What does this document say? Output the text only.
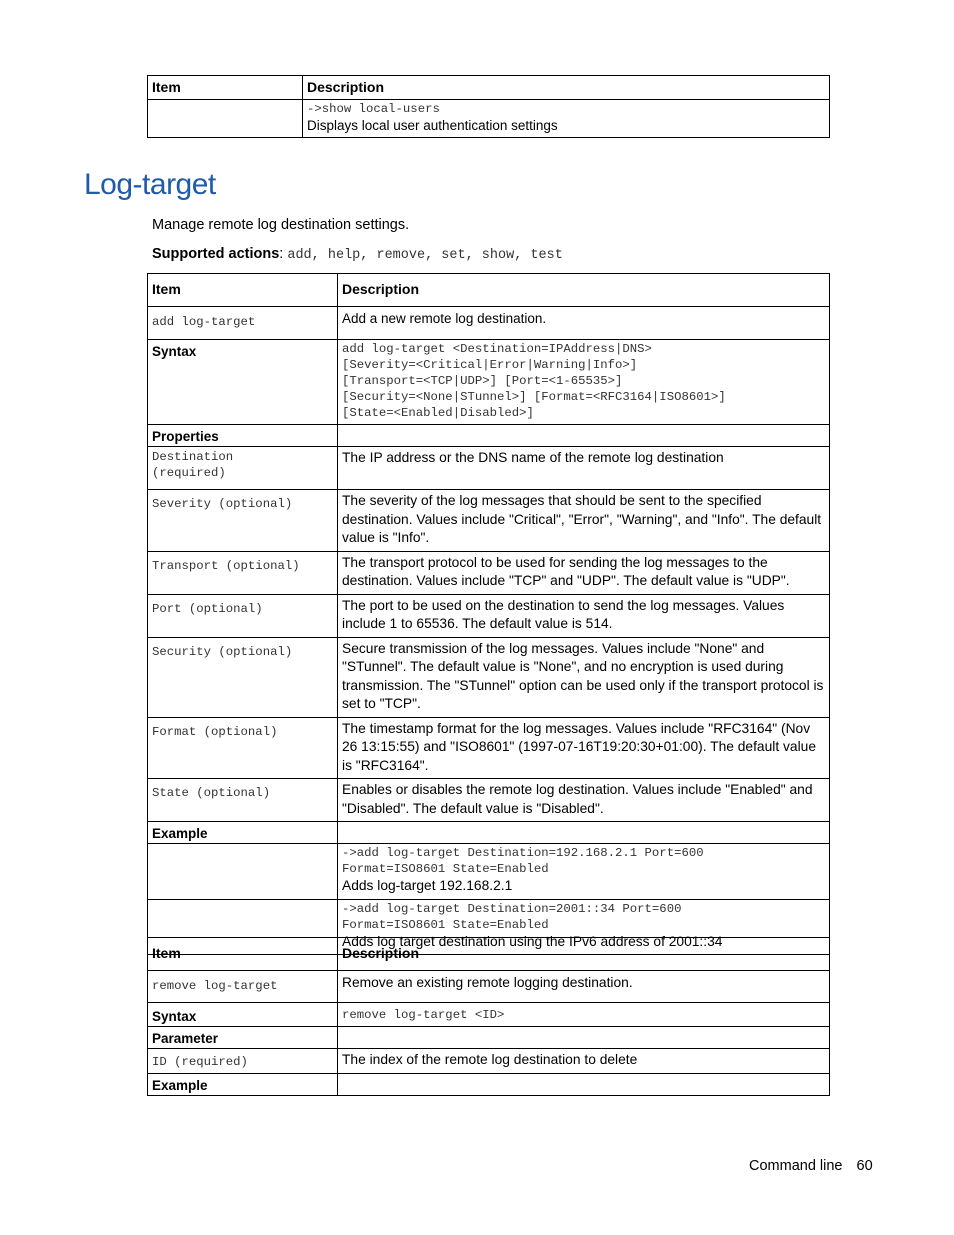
Item	Description

	->show local-users
Displays local user authentication settings
Log-target
Manage remote log destination settings.
Supported actions: add, help, remove, set, show, test
Item	Description
add log-target	Add a new remote log destination.
Syntax	add log-target <Destination=IPAddress|DNS>
[Severity=<Critical|Error|Warning|Info>]
[Transport=<TCP|UDP>] [Port=<1-65535>]
[Security=<None|STunnel>] [Format=<RFC3164|ISO8601>]
[State=<Enabled|Disabled>]

Properties	

Destination
(required)	The IP address or the DNS name of the remote log destination
Severity (optional)	The severity of the log messages that should be sent to the specified destination. Values include "Critical", "Error", "Warning", and "Info". The default value is "Info".
Transport (optional)	The transport protocol to be used for sending the log messages to the destination. Values include "TCP" and "UDP". The default value is "UDP".
Port (optional)	The port to be used on the destination to send the log messages. Values include 1 to 65536. The default value is 514.
Security (optional)	Secure transmission of the log messages. Values include "None" and "STunnel". The default value is "None", and no encryption is used during transmission. The "STunnel" option can be used only if the transport protocol is set to "TCP".
Format (optional)	The timestamp format for the log messages. Values include "RFC3164" (Nov 26 13:15:55) and "ISO8601" (1997-07-16T19:20:30+01:00). The default value is "RFC3164".
State (optional)	Enables or disables the remote log destination. Values include "Enabled" and "Disabled". The default value is "Disabled".
Example	

	->add log-target Destination=192.168.2.1 Port=600
Format=ISO8601 State=Enabled
Adds log-target 192.168.2.1

	->add log-target Destination=2001::34 Port=600
Format=ISO8601 State=Enabled
Adds log target destination using the IPv6 address of 2001::34
Item	Description
remove log-target	Remove an existing remote logging destination.
Syntax	remove log-target <ID>
Parameter	
ID (required)	The index of the remote log destination to delete
Example	
Command line 60
